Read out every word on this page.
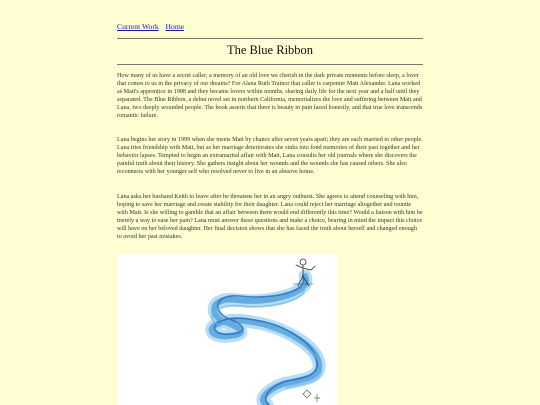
Current Work Home
The Blue Ribbon

How many of us have a secret caller, a memory of an old love we cherish in the dark private moments before sleep, a lover that comes to us in the privacy of our dreams? For Alana Ruth Trainor that caller is carpenter Matt Alexander. Lana worked as Matt's apprentice in 1988 and they became lovers within months, sharing daily life for the next year and a half until they separated. The Blue Ribbon, a debut novel set in northern California, memorializes the love and suffering between Matt and Lana, two deeply wounded people. The book asserts that there is beauty in pain faced honestly, and that true love transcends romantic failure.

Lana begins her story in 1999 when she meets Matt by chance after seven years apart; they are each married to other people. Lana tries friendship with Matt, but as her marriage deteriorates she sinks into fond memories of their past together and her behavior lapses. Tempted to begin an extramarital affair with Matt, Lana consults her old journals where she discovers the painful truth about their history. She gathers insight about her wounds and the wounds she has caused others. She also reconnects with her younger self who resolved never to live in an abusive home.

Lana asks her husband Keith to leave after he threatens her in an angry outburst. She agrees to attend counseling with him, hoping to save her marriage and create stability for their daughter. Lana could reject her marriage altogether and reunite with Matt. Is she willing to gamble that an affair between them would end differently this time? Would a liaison with him be merely a way to ease her pain? Lana must answer these questions and make a choice, bearing in mind the impact this choice will have on her beloved daughter. Her final decision shows that she has faced the truth about herself and changed enough to avoid her past mistakes.
